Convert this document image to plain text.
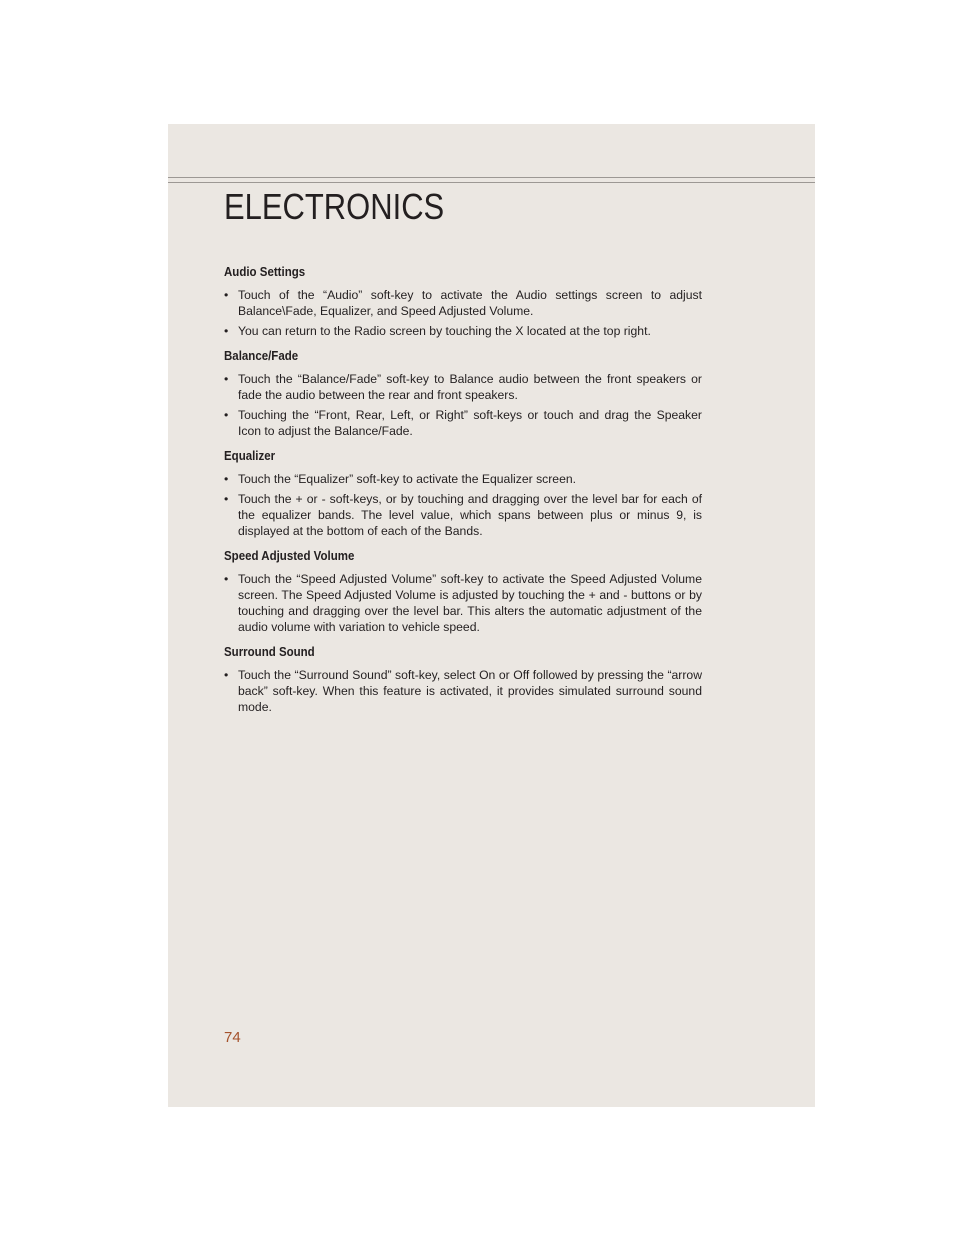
ELECTRONICS

Audio Settings

• Touch of the “Audio” soft-key to activate the Audio settings screen to adjust Balance\Fade, Equalizer, and Speed Adjusted Volume.
• You can return to the Radio screen by touching the X located at the top right.

Balance/Fade

• Touch the “Balance/Fade” soft-key to Balance audio between the front speakers or fade the audio between the rear and front speakers.
• Touching the “Front, Rear, Left, or Right” soft-keys or touch and drag the Speaker Icon to adjust the Balance/Fade.

Equalizer

• Touch the “Equalizer” soft-key to activate the Equalizer screen.
• Touch the + or - soft-keys, or by touching and dragging over the level bar for each of the equalizer bands. The level value, which spans between plus or minus 9, is displayed at the bottom of each of the Bands.

Speed Adjusted Volume

• Touch the “Speed Adjusted Volume” soft-key to activate the Speed Adjusted Volume screen. The Speed Adjusted Volume is adjusted by touching the + and - buttons or by touching and dragging over the level bar. This alters the automatic adjustment of the audio volume with variation to vehicle speed.

Surround Sound

• Touch the “Surround Sound” soft-key, select On or Off followed by pressing the “arrow back” soft-key. When this feature is activated, it provides simulated surround sound mode.
74
